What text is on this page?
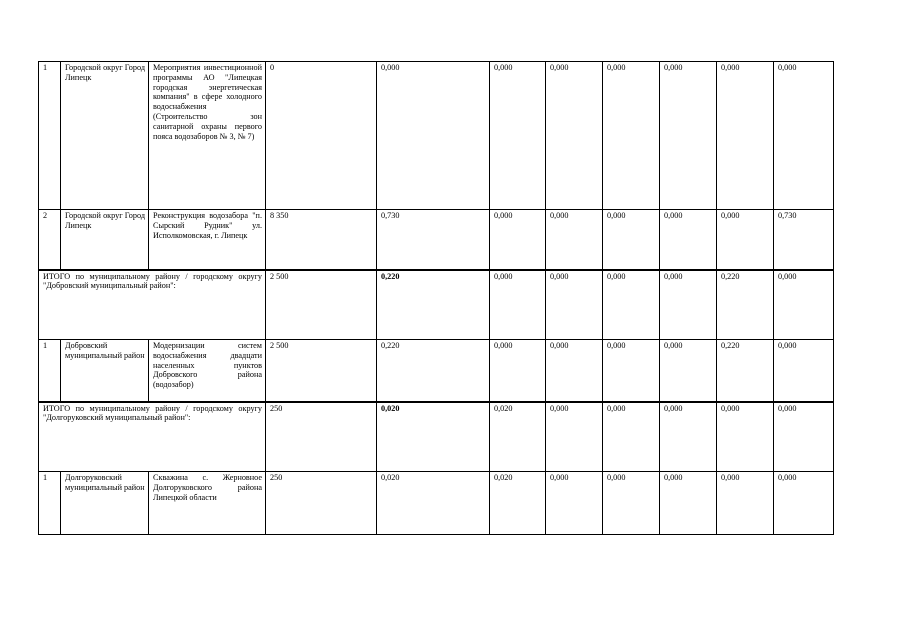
1	Городской округ Город Липецк	Мероприятия инвестиционной программы АО "Липецкая городская энергетическая компания" в сфере холодного водоснабжения (Строительство зон санитарной охраны первого пояса водозаборов № 3, № 7)	0	0,000	0,000	0,000	0,000	0,000	0,000	0,000
2	Городской округ Город Липецк	Реконструкция водозабора "п. Сырский Рудник" ул. Исполкомовская, г. Липецк	8 350	0,730	0,000	0,000	0,000	0,000	0,000	0,730
ИТОГО по муниципальному району / городскому округу "Добровский муниципальный район":			2 500	0,220	0,000	0,000	0,000	0,000	0,220	0,000
1	Добровский муниципальный район	Модернизации систем водоснабжения двадцати населенных пунктов Добровского района (водозабор)	2 500	0,220	0,000	0,000	0,000	0,000	0,220	0,000
ИТОГО по муниципальному району / городскому округу "Долгоруковский муниципальный район":			250	0,020	0,020	0,000	0,000	0,000	0,000	0,000
1	Долгоруковский муниципальный район	Скважина с. Жерновное Долгоруковского района Липецкой области	250	0,020	0,020	0,000	0,000	0,000	0,000	0,000
